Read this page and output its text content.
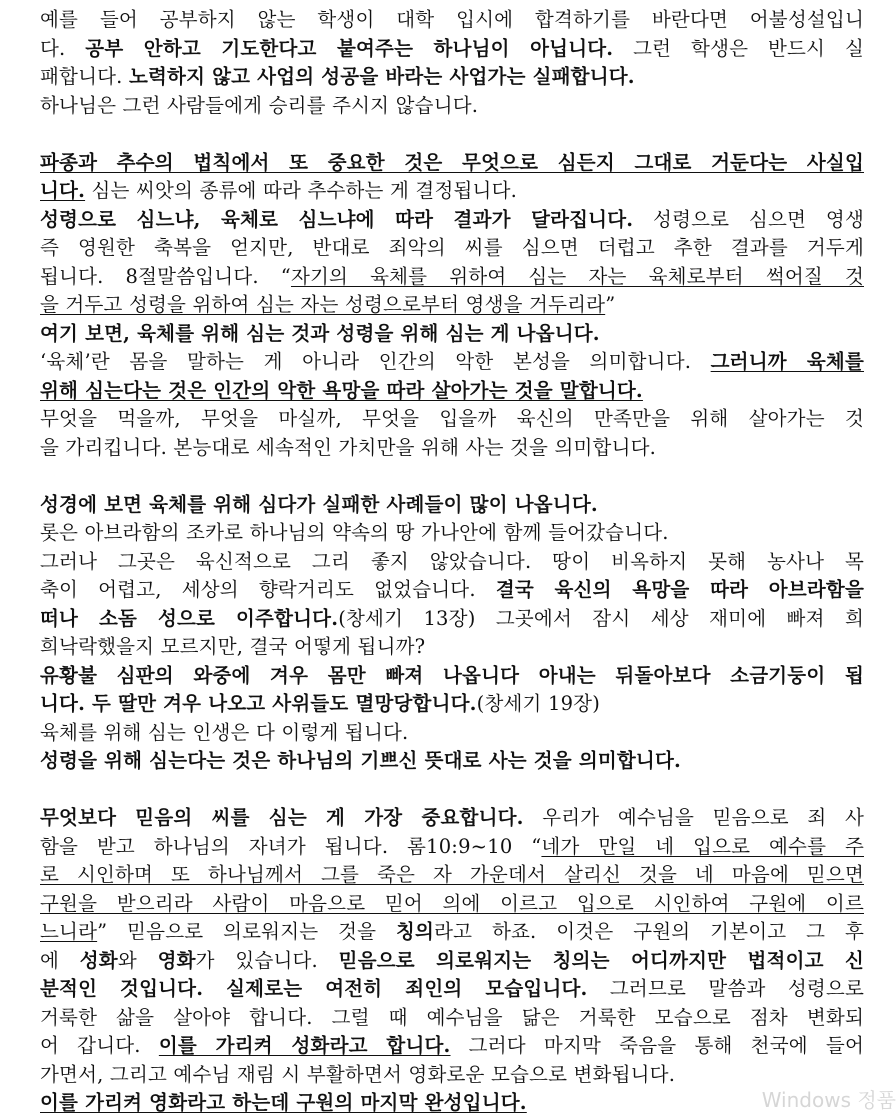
예를 들어 공부하지 않는 학생이 대학 입시에 합격하기를 바란다면 어불성설입니
다. 공부 안하고 기도한다고 붙여주는 하나님이 아닙니다. 그런 학생은 반드시 실
패합니다. 노력하지 않고 사업의 성공을 바라는 사업가는 실패합니다.
하나님은 그런 사람들에게 승리를 주시지 않습니다.
파종과 추수의 법칙에서 또 중요한 것은 무엇으로 심든지 그대로 거둔다는 사실입
니다. 심는 씨앗의 종류에 따라 추수하는 게 결정됩니다.
성령으로 심느냐, 육체로 심느냐에 따라 결과가 달라집니다. 성령으로 심으면 영생
즉 영원한 축복을 얻지만, 반대로 죄악의 씨를 심으면 더럽고 추한 결과를 거두게
됩니다. 8절말씀입니다. “자기의 육체를 위하여 심는 자는 육체로부터 썩어질 것
을 거두고 성령을 위하여 심는 자는 성령으로부터 영생을 거두리라”
여기 보면, 육체를 위해 심는 것과 성령을 위해 심는 게 나옵니다.
‘육체’란 몸을 말하는 게 아니라 인간의 악한 본성을 의미합니다. 그러니까 육체를
위해 심는다는 것은 인간의 악한 욕망을 따라 살아가는 것을 말합니다.
무엇을 먹을까, 무엇을 마실까, 무엇을 입을까 육신의 만족만을 위해 살아가는 것
을 가리킵니다. 본능대로 세속적인 가치만을 위해 사는 것을 의미합니다.
성경에 보면 육체를 위해 심다가 실패한 사례들이 많이 나옵니다.
롯은 아브라함의 조카로 하나님의 약속의 땅 가나안에 함께 들어갔습니다.
그러나 그곳은 육신적으로 그리 좋지 않았습니다. 땅이 비옥하지 못해 농사나 목
축이 어렵고, 세상의 향락거리도 없었습니다. 결국 육신의 욕망을 따라 아브라함을
떠나 소돔 성으로 이주합니다.(창세기 13장) 그곳에서 잠시 세상 재미에 빠져 희
희낙락했을지 모르지만, 결국 어떻게 됩니까?
유황불 심판의 와중에 겨우 몸만 빠져 나옵니다 아내는 뒤돌아보다 소금기둥이 됩
니다. 두 딸만 겨우 나오고 사위들도 멸망당합니다.(창세기 19장)
육체를 위해 심는 인생은 다 이렇게 됩니다.
성령을 위해 심는다는 것은 하나님의 기쁘신 뜻대로 사는 것을 의미합니다.
무엇보다 믿음의 씨를 심는 게 가장 중요합니다. 우리가 예수님을 믿음으로 죄 사
함을 받고 하나님의 자녀가 됩니다. 롬10:9~10 “네가 만일 네 입으로 예수를 주
로 시인하며 또 하나님께서 그를 죽은 자 가운데서 살리신 것을 네 마음에 믿으면
구원을 받으리라 사람이 마음으로 믿어 의에 이르고 입으로 시인하여 구원에 이르
느니라” 믿음으로 의로워지는 것을 칭의라고 하죠. 이것은 구원의 기본이고 그 후
에 성화와 영화가 있습니다. 믿음으로 의로워지는 칭의는 어디까지만 법적이고 신
분적인 것입니다. 실제로는 여전히 죄인의 모습입니다. 그러므로 말씀과 성령으로
거룩한 삶을 살아야 합니다. 그럴 때 예수님을 닮은 거룩한 모습으로 점차 변화되
어 갑니다. 이를 가리켜 성화라고 합니다. 그러다 마지막 죽음을 통해 천국에 들어
가면서, 그리고 예수님 재림 시 부활하면서 영화로운 모습으로 변화됩니다.
이를 가리켜 영화라고 하는데 구원의 마지막 완성입니다.	Windows 정품
